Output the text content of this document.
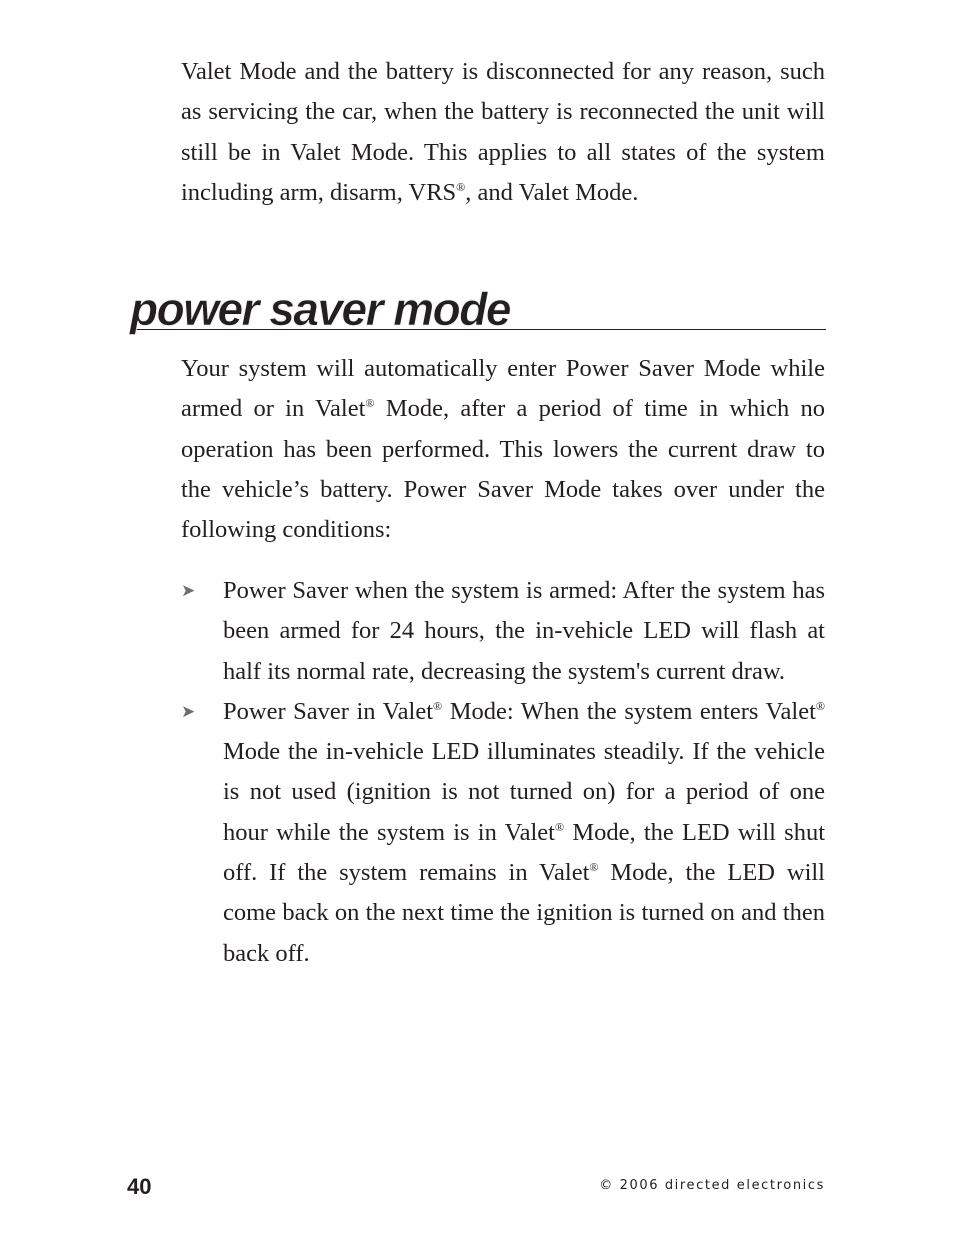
Valet Mode and the battery is disconnected for any reason, such as servicing the car, when the battery is reconnected the unit will still be in Valet Mode. This applies to all states of the system including arm, disarm, VRS®, and Valet Mode.

power saver mode

Your system will automatically enter Power Saver Mode while armed or in Valet® Mode, after a period of time in which no operation has been performed. This lowers the current draw to the vehicle’s battery. Power Saver Mode takes over under the following conditions:

➤ Power Saver when the system is armed: After the system has been armed for 24 hours, the in-vehicle LED will flash at half its normal rate, decreasing the system's current draw.
➤ Power Saver in Valet® Mode: When the system enters Valet® Mode the in-vehicle LED illuminates steadily. If the vehicle is not used (ignition is not turned on) for a period of one hour while the system is in Valet® Mode, the LED will shut off. If the system remains in Valet® Mode, the LED will come back on the next time the ignition is turned on and then back off.

40	© 2006 directed electronics
